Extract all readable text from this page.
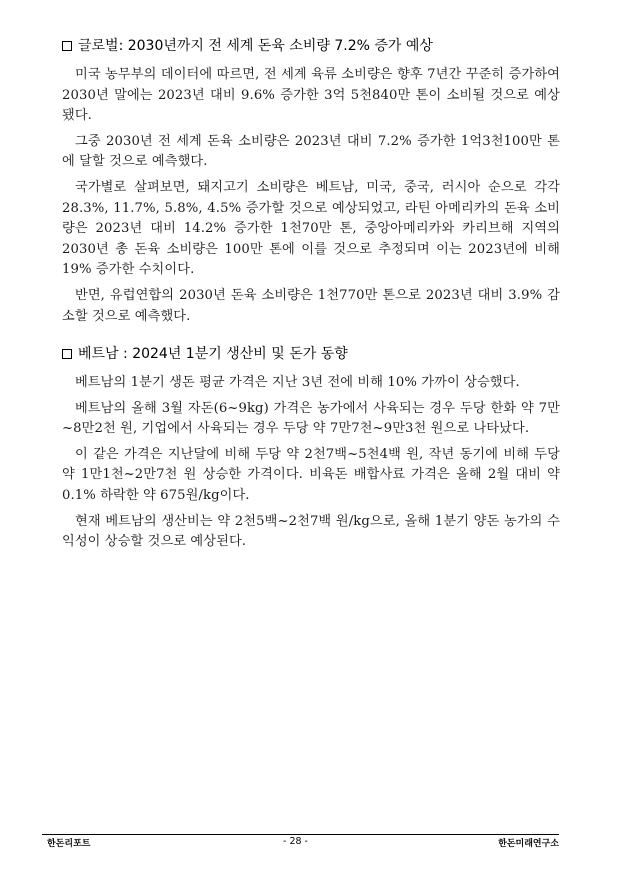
글로벌: 2030년까지 전 세계 돈육 소비량 7.2% 증가 예상

미국 농무부의 데이터에 따르면, 전 세계 육류 소비량은 향후 7년간 꾸준히 증가하여 2030년 말에는 2023년 대비 9.6% 증가한 3억 5천840만 톤이 소비될 것으로 예상됐다.

그중 2030년 전 세계 돈육 소비량은 2023년 대비 7.2% 증가한 1억3천100만 톤에 달할 것으로 예측했다.

국가별로 살펴보면, 돼지고기 소비량은 베트남, 미국, 중국, 러시아 순으로 각각 28.3%, 11.7%, 5.8%, 4.5% 증가할 것으로 예상되었고, 라틴 아메리카의 돈육 소비량은 2023년 대비 14.2% 증가한 1천70만 톤, 중앙아메리카와 카리브해 지역의 2030년 총 돈육 소비량은 100만 톤에 이를 것으로 추정되며 이는 2023년에 비해 19% 증가한 수치이다.

반면, 유럽연합의 2030년 돈육 소비량은 1천770만 톤으로 2023년 대비 3.9% 감소할 것으로 예측했다.

베트남 : 2024년 1분기 생산비 및 돈가 동향

베트남의 1분기 생돈 평균 가격은 지난 3년 전에 비해 10% 가까이 상승했다.

베트남의 올해 3월 자돈(6~9kg) 가격은 농가에서 사육되는 경우 두당 한화 약 7만~8만2천 원, 기업에서 사육되는 경우 두당 약 7만7천~9만3천 원으로 나타났다.

이 같은 가격은 지난달에 비해 두당 약 2천7백~5천4백 원, 작년 동기에 비해 두당 약 1만1천~2만7천 원 상승한 가격이다. 비육돈 배합사료 가격은 올해 2월 대비 약 0.1% 하락한 약 675원/kg이다.

현재 베트남의 생산비는 약 2천5백~2천7백 원/kg으로, 올해 1분기 양돈 농가의 수익성이 상승할 것으로 예상된다.

한돈리포트	- 28 -	한돈미래연구소
